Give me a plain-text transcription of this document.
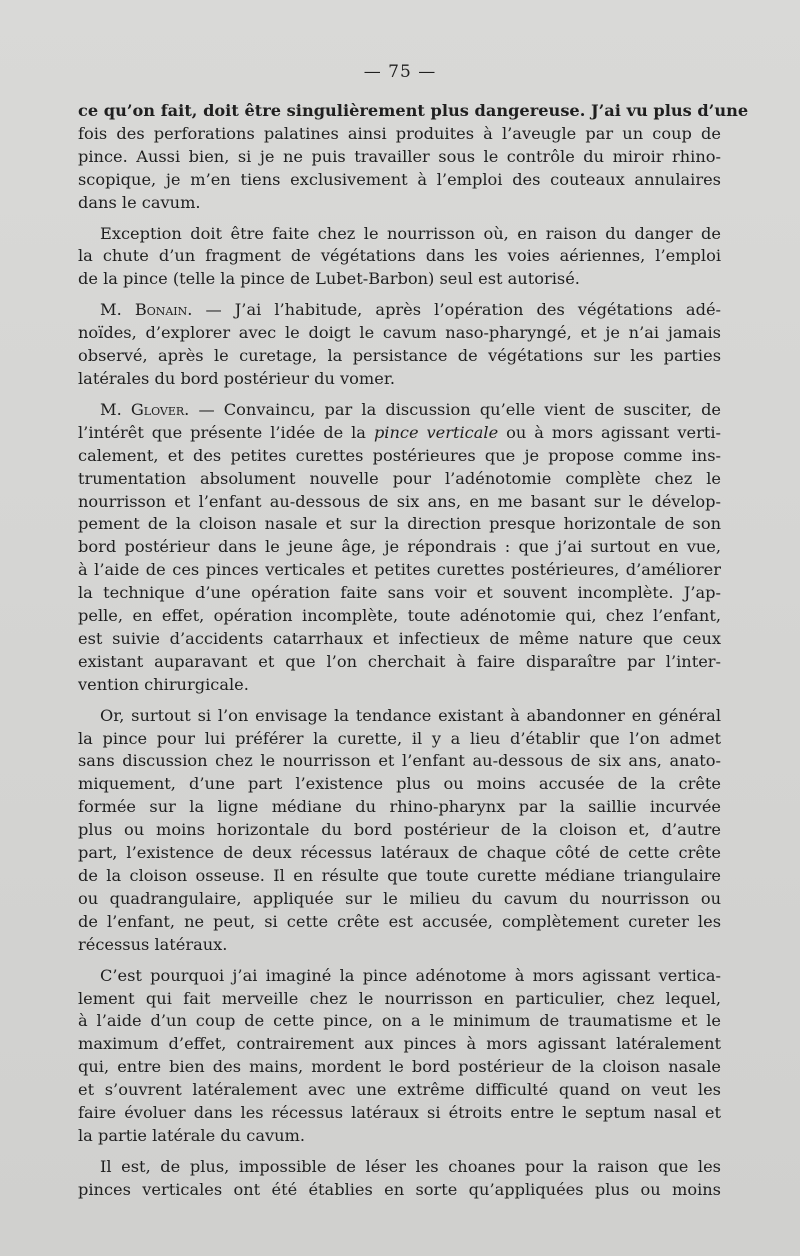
— 75 —

ce qu’on fait, doit être singulièrement plus dangereuse. J’ai vu plus d’une
fois des perforations palatines ainsi produites à l’aveugle par un coup de
pince. Aussi bien, si je ne puis travailler sous le contrôle du miroir rhino-
scopique, je m’en tiens exclusivement à l’emploi des couteaux annulaires
dans le cavum.

Exception doit être faite chez le nourrisson où, en raison du danger de
la chute d’un fragment de végétations dans les voies aériennes, l’emploi
de la pince (telle la pince de Lubet-Barbon) seul est autorisé.

M. Bonain. — J’ai l’habitude, après l’opération des végétations adé-
noïdes, d’explorer avec le doigt le cavum naso-pharyngé, et je n’ai jamais
observé, après le curetage, la persistance de végétations sur les parties
latérales du bord postérieur du vomer.

M. Glover. — Convaincu, par la discussion qu’elle vient de susciter, de
l’intérêt que présente l’idée de la pince verticale ou à mors agissant verti-
calement, et des petites curettes postérieures que je propose comme ins-
trumentation absolument nouvelle pour l’adénotomie complète chez le
nourrisson et l’enfant au-dessous de six ans, en me basant sur le dévelop-
pement de la cloison nasale et sur la direction presque horizontale de son
bord postérieur dans le jeune âge, je répondrais : que j’ai surtout en vue,
à l’aide de ces pinces verticales et petites curettes postérieures, d’améliorer
la technique d’une opération faite sans voir et souvent incomplète. J’ap-
pelle, en effet, opération incomplète, toute adénotomie qui, chez l’enfant,
est suivie d’accidents catarrhaux et infectieux de même nature que ceux
existant auparavant et que l’on cherchait à faire disparaître par l’inter-
vention chirurgicale.

Or, surtout si l’on envisage la tendance existant à abandonner en général
la pince pour lui préférer la curette, il y a lieu d’établir que l’on admet
sans discussion chez le nourrisson et l’enfant au-dessous de six ans, anato-
miquement, d’une part l’existence plus ou moins accusée de la crête
formée sur la ligne médiane du rhino-pharynx par la saillie incurvée
plus ou moins horizontale du bord postérieur de la cloison et, d’autre
part, l’existence de deux récessus latéraux de chaque côté de cette crête
de la cloison osseuse. Il en résulte que toute curette médiane triangulaire
ou quadrangulaire, appliquée sur le milieu du cavum du nourrisson ou
de l’enfant, ne peut, si cette crête est accusée, complètement cureter les
récessus latéraux.

C’est pourquoi j’ai imaginé la pince adénotome à mors agissant vertica-
lement qui fait merveille chez le nourrisson en particulier, chez lequel,
à l’aide d’un coup de cette pince, on a le minimum de traumatisme et le
maximum d’effet, contrairement aux pinces à mors agissant latéralement
qui, entre bien des mains, mordent le bord postérieur de la cloison nasale
et s’ouvrent latéralement avec une extrême difficulté quand on veut les
faire évoluer dans les récessus latéraux si étroits entre le septum nasal et
la partie latérale du cavum.

Il est, de plus, impossible de léser les choanes pour la raison que les
pinces verticales ont été établies en sorte qu’appliquées plus ou moins
